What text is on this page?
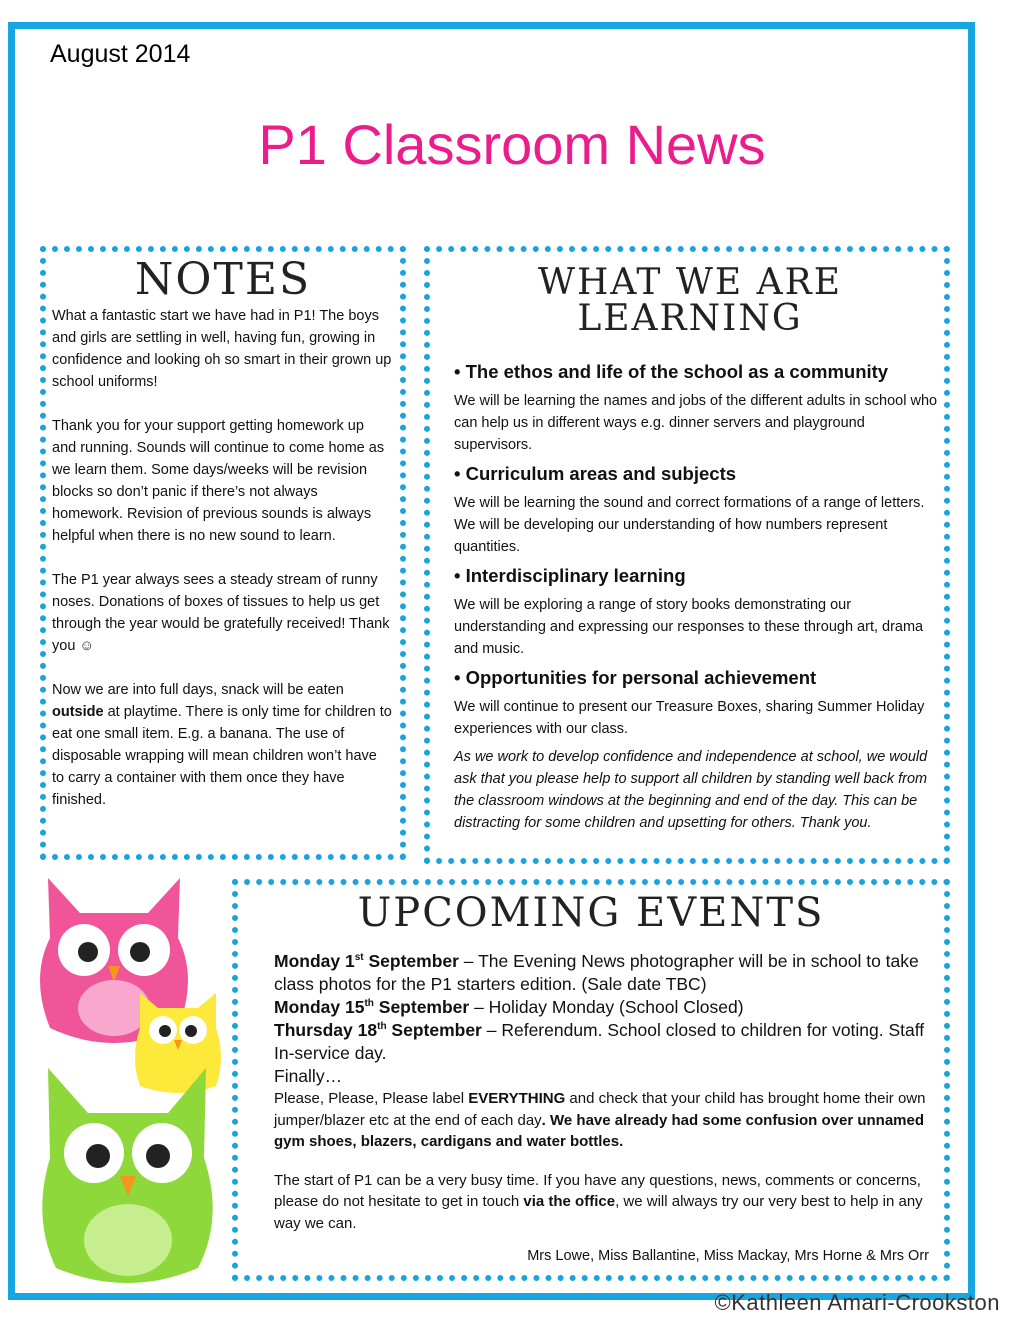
August 2014
P1 Classroom News
NOTES

What a fantastic start we have had in P1! The boys and girls are settling in well, having fun, growing in confidence and looking oh so smart in their grown up school uniforms!

Thank you for your support getting homework up and running. Sounds will continue to come home as we learn them. Some days/weeks will be revision blocks so don’t panic if there’s not always homework. Revision of previous sounds is always helpful when there is no new sound to learn.

The P1 year always sees a steady stream of runny noses. Donations of boxes of tissues to help us get through the year would be gratefully received! Thank you ☺

Now we are into full days, snack will be eaten outside at playtime. There is only time for children to eat one small item. E.g. a banana. The use of disposable wrapping will mean children won’t have to carry a container with them once they have finished.

WHAT WE ARE
LEARNING
• The ethos and life of the school as a community

We will be learning the names and jobs of the different adults in school who can help us in different ways e.g. dinner servers and playground supervisors.

• Curriculum areas and subjects

We will be learning the sound and correct formations of a range of letters. We will be developing our understanding of how numbers represent quantities.

• Interdisciplinary learning

We will be exploring a range of story books demonstrating our understanding and expressing our responses to these through art, drama and music.

• Opportunities for personal achievement

We will continue to present our Treasure Boxes, sharing Summer Holiday experiences with our class.

As we work to develop confidence and independence at school, we would ask that you please help to support all children by standing well back from the classroom windows at the beginning and end of the day. This can be distracting for some children and upsetting for others. Thank you.

UPCOMING EVENTS

Monday 1st September – The Evening News photographer will be in school to take class photos for the P1 starters edition. (Sale date TBC)

Monday 15th September – Holiday Monday (School Closed)

Thursday 18th September – Referendum. School closed to children for voting. Staff In-service day.

Finally…

Please, Please, Please label EVERYTHING and check that your child has brought home their own jumper/blazer etc at the end of each day. We have already had some confusion over unnamed gym shoes, blazers, cardigans and water bottles.

The start of P1 can be a very busy time. If you have any questions, news, comments or concerns, please do not hesitate to get in touch via the office, we will always try our very best to help in any way we can.

Mrs Lowe, Miss Ballantine, Miss Mackay, Mrs Horne & Mrs Orr
©Kathleen Amari-Crookston
